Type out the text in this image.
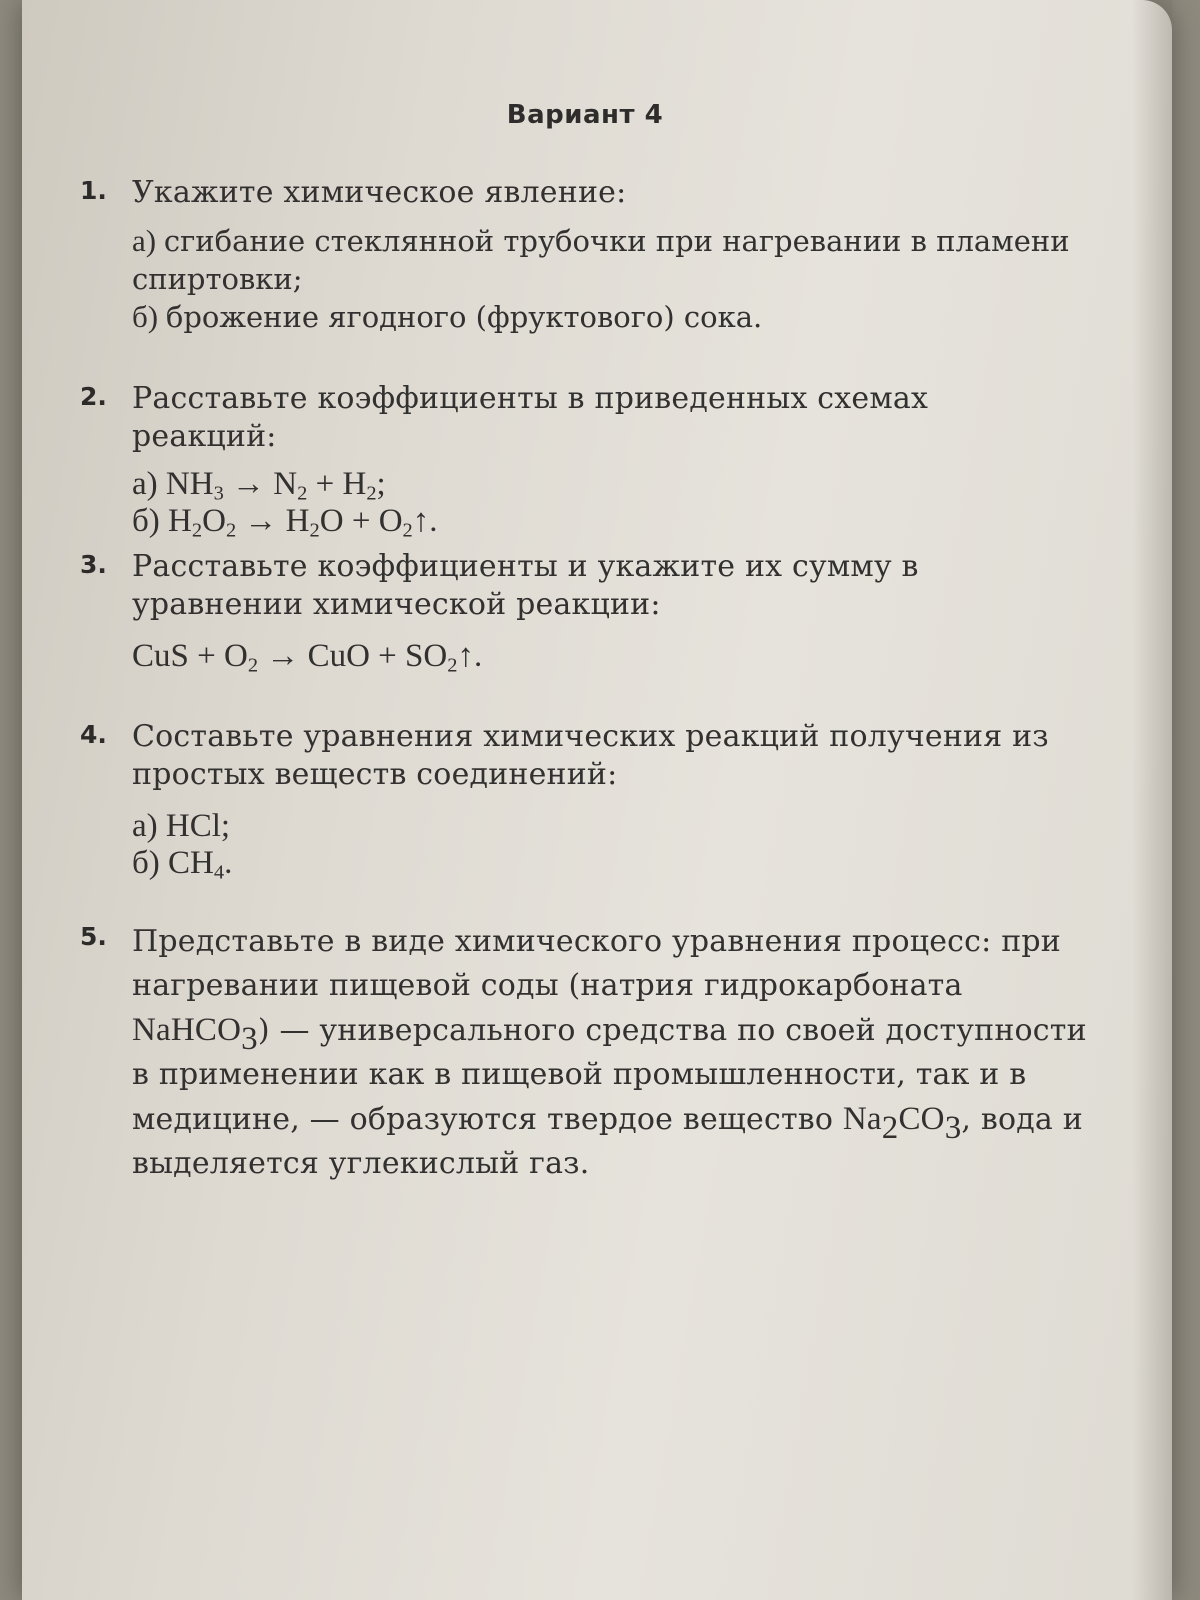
Вариант 4
1. Укажите химическое явление:
а) сгибание стеклянной трубочки при нагревании в пламени спиртовки;
б) брожение ягодного (фруктового) сока.
2. Расставьте коэффициенты в приведенных схемах реакций:
а) $NH_3 \to N_2 + H_2$;
б) $H_2O_2 \to H_2O$ + $O_2↑$.
3. Расставьте коэффициенты и укажите их сумму в уравнении химической реакции:
CuS + $O_2$ → CuO + $SO_2↑$.
4. Составьте уравнения химических реакций получения из простых веществ соединений:
а) HCl;
б) $CH_4$.
5. Представьте в виде химического уравнения процесс: при нагревании пищевой соды (натрия гидрокарбоната NaHCO$_3$) — универсального средства по своей доступности в применении как в пищевой промышленности, так и в медицине, — образуются твердое вещество $Na_2CO_3$, вода и выделяется углекислый газ.
